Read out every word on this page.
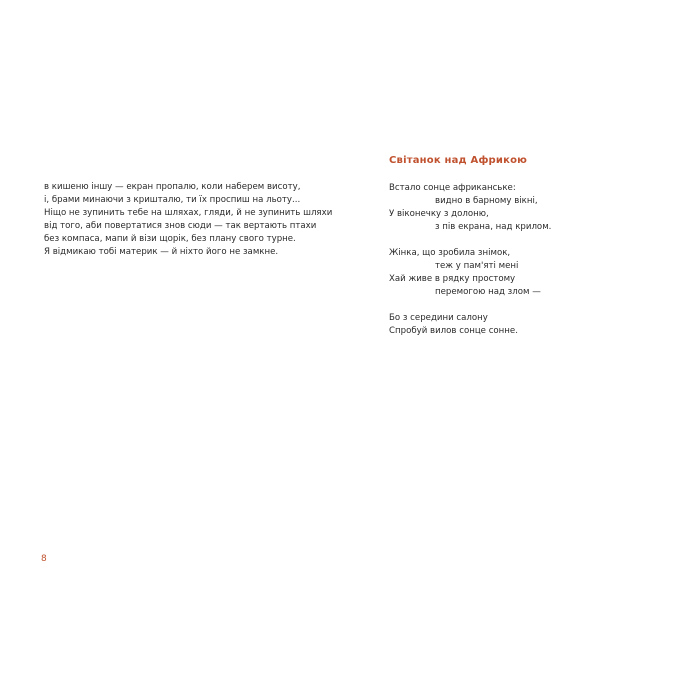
в кишеню іншу — екран пропалю, коли наберем висоту,

і, брами минаючи з кришталю, ти їх проспиш на льоту...

Ніщо не зупинить тебе на шляхах, гляди, й не зупинить шляхи

від того, аби повертатися знов сюди — так вертають птахи

без компаса, мапи й візи щорік, без плану свого турне.

Я відмикаю тобі материк — й ніхто його не замкне.

8
Світанок над Африкою

Встало сонце африканське:

видно в барному вікні,

У віконечку з долоню,

з пів екрана, над крилом.

Жінка, що зробила знімок,

теж у пам'яті мені

Хай живе в рядку простому

перемогою над злом —

Бо з середини салону

Спробуй вилов сонце сонне.
